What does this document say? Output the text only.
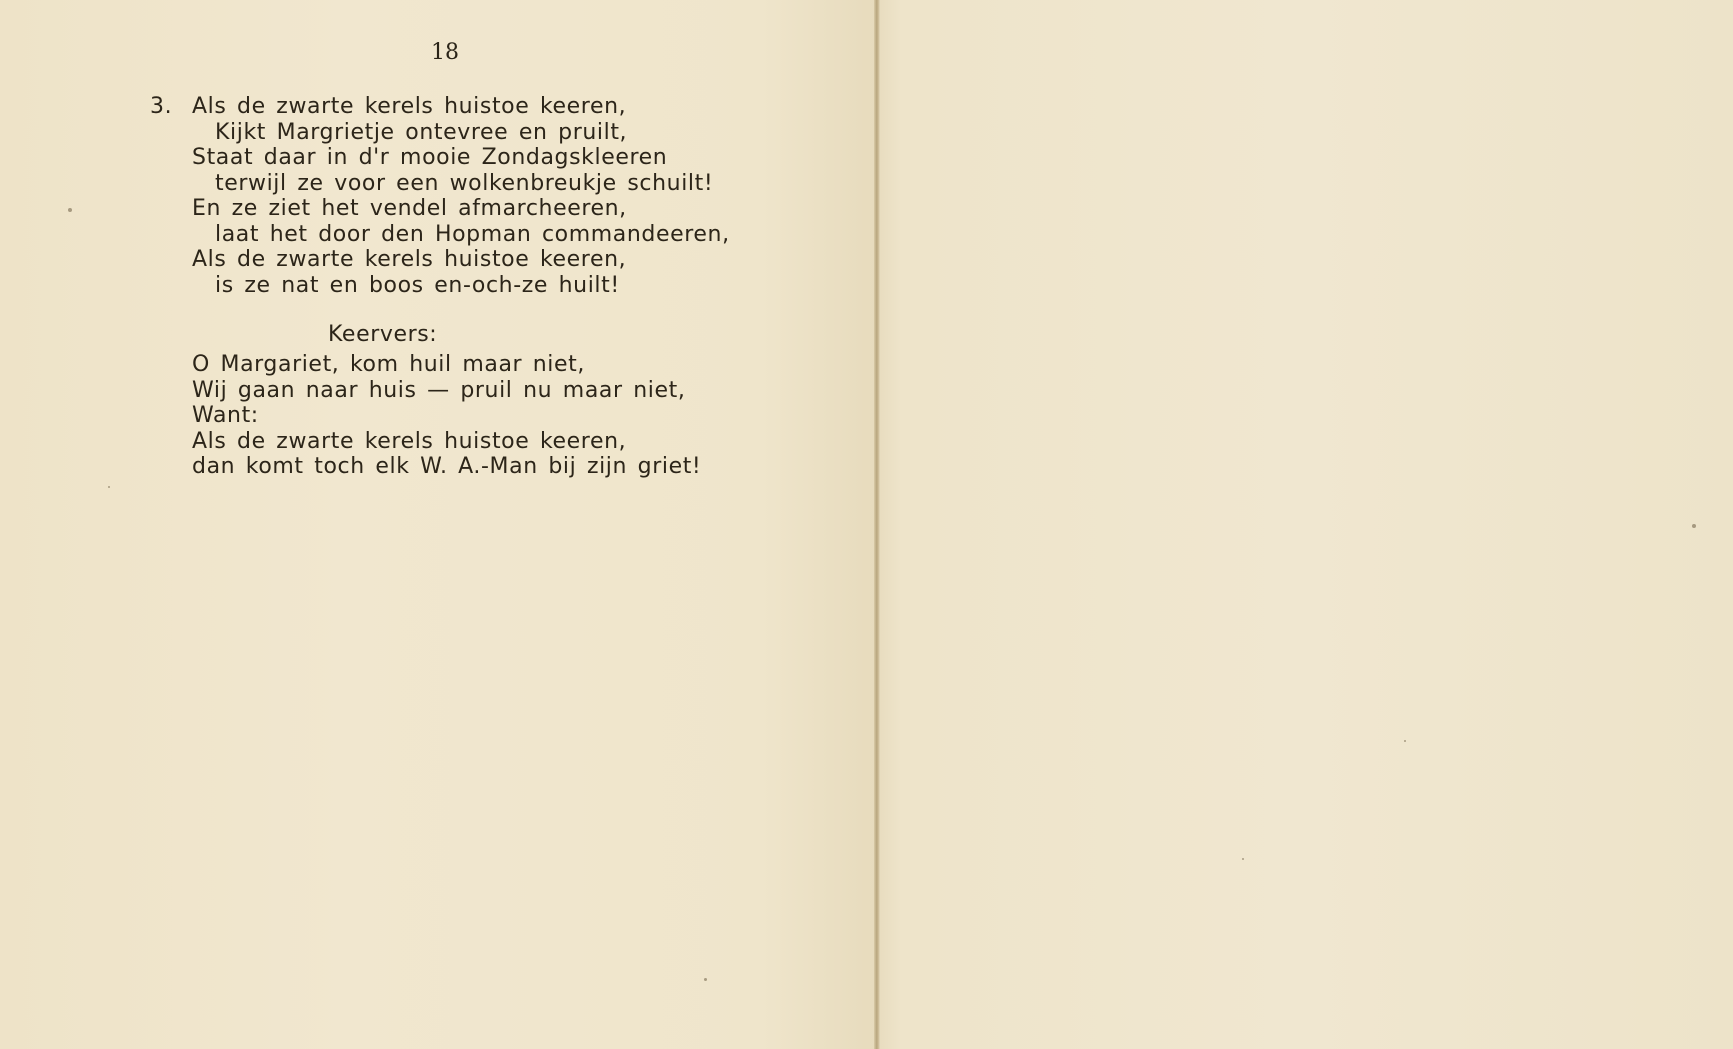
18
3. Als de zwarte kerels huistoe keeren,
Kijkt Margrietje ontevree en pruilt,
Staat daar in d'r mooie Zondagskleeren
terwijl ze voor een wolkenbreukje schuilt!
En ze ziet het vendel afmarcheeren,
laat het door den Hopman commandeeren,
Als de zwarte kerels huistoe keeren,
is ze nat en boos en-och-ze huilt!
Keervers:
O Margariet, kom huil maar niet,
Wij gaan naar huis — pruil nu maar niet,
Want:
Als de zwarte kerels huistoe keeren,
dan komt toch elk W. A.-Man bij zijn griet!
